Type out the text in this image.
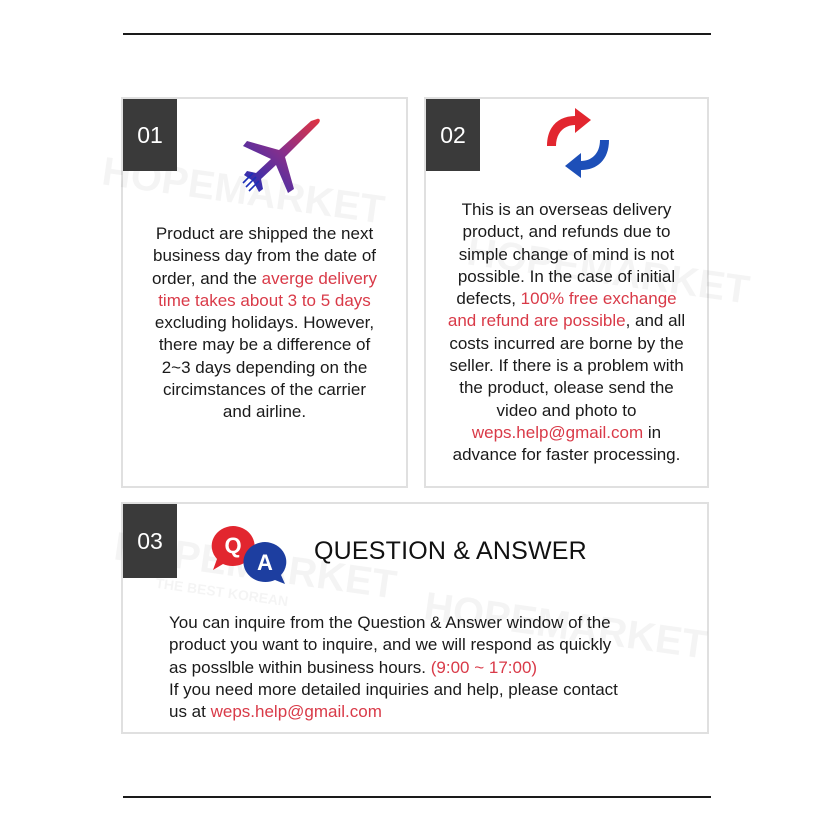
01
Product are shipped the next
business day from the date of
order, and the averge delivery
time takes about 3 to 5 days
excluding holidays. However,
there may be a difference of
2~3 days depending on the
circimstances of the carrier
and airline.
02
This is an overseas delivery
product, and refunds due to
simple change of mind is not
possible. In the case of initial
defects, 100% free exchange
and refund are possible, and all
costs incurred are borne by the
seller. If there is a problem with
the product, olease send the
video and photo to
weps.help@gmail.com in
advance for faster processing.
03	Q
A QUESTION & ANSWER
You can inquire from the Question & Answer window of the
product you want to inquire, and we will respond as quickly
as posslble within business hours. (9:00 ~ 17:00)
If you need more detailed inquiries and help, please contact
us at weps.help@gmail.com
